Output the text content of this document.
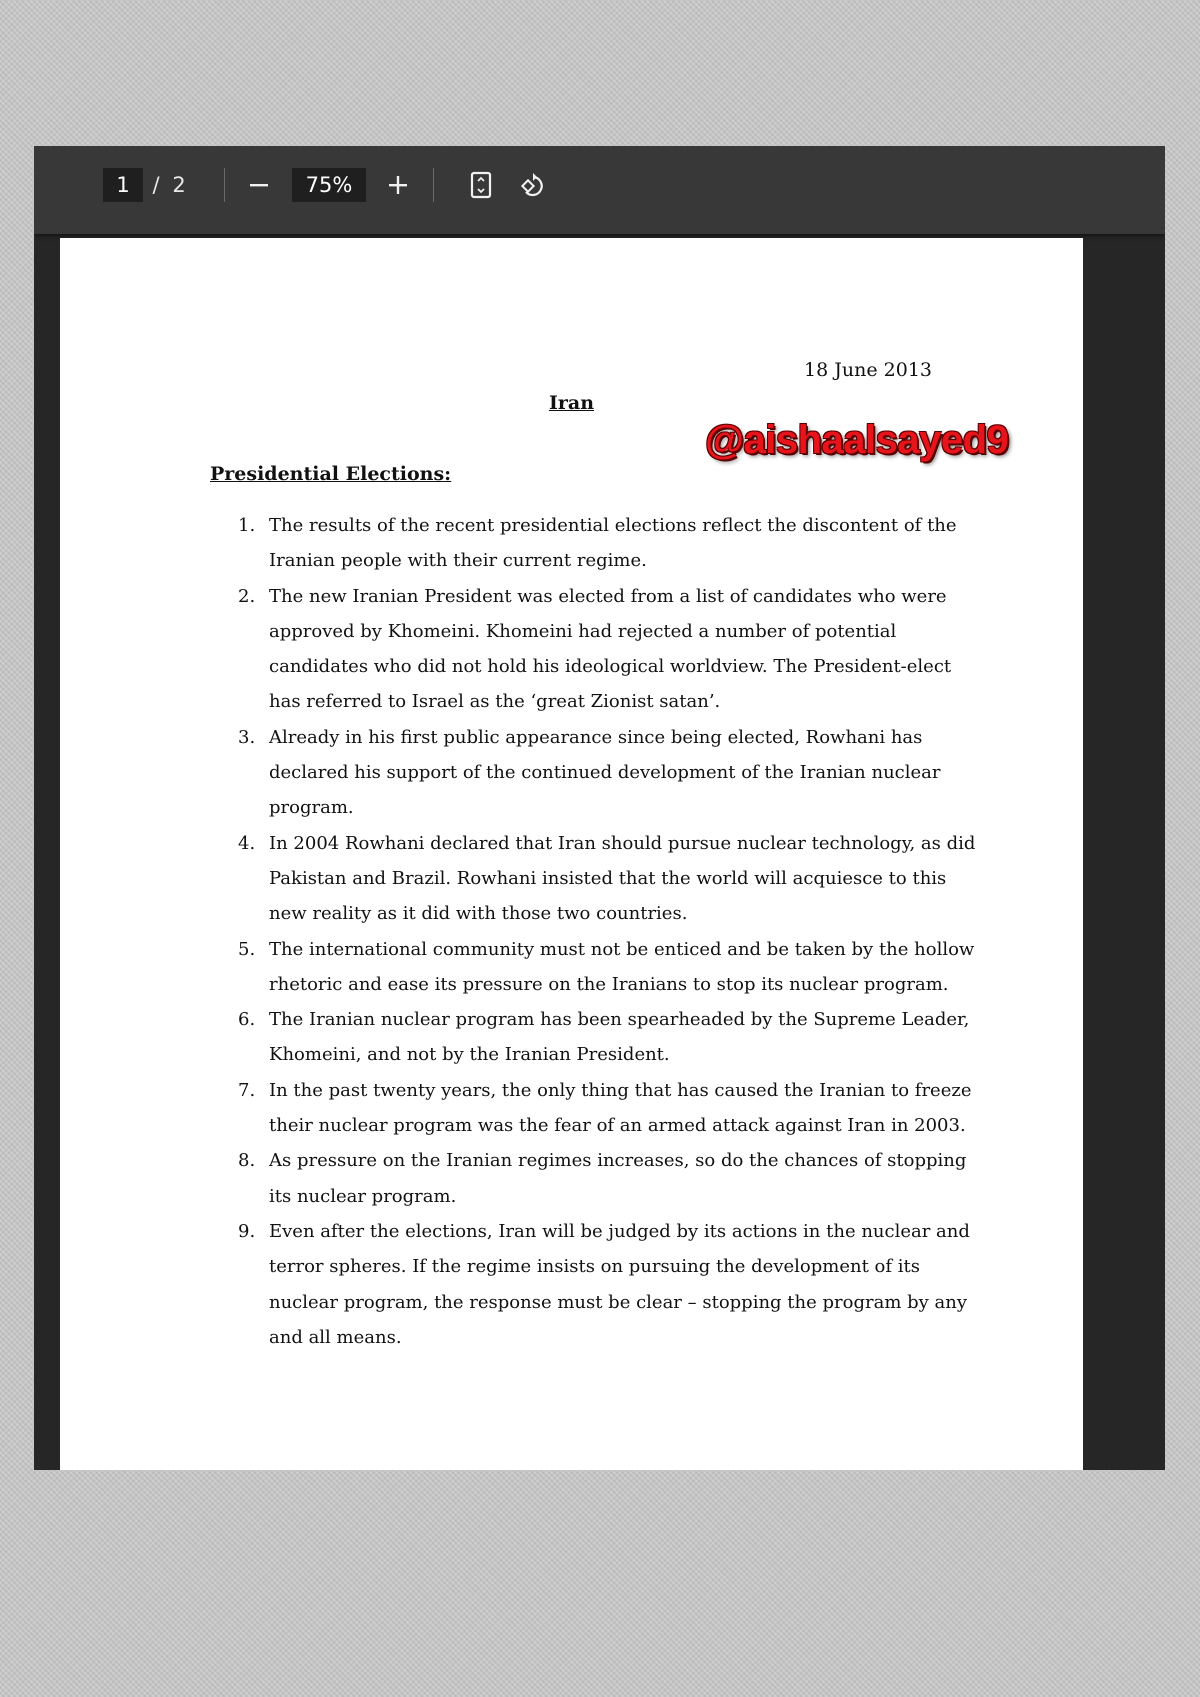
1	/ 2	75%
18 June 2013
Iran
@aishaalsayed9
Presidential Elections:
1. The results of the recent presidential elections reflect the discontent of the
Iranian people with their current regime.
2. The new Iranian President was elected from a list of candidates who were
approved by Khomeini. Khomeini had rejected a number of potential
candidates who did not hold his ideological worldview. The President-elect
has referred to Israel as the ‘great Zionist satan’.
3. Already in his first public appearance since being elected, Rowhani has
declared his support of the continued development of the Iranian nuclear
program.
4. In 2004 Rowhani declared that Iran should pursue nuclear technology, as did
Pakistan and Brazil. Rowhani insisted that the world will acquiesce to this
new reality as it did with those two countries.
5. The international community must not be enticed and be taken by the hollow
rhetoric and ease its pressure on the Iranians to stop its nuclear program.
6. The Iranian nuclear program has been spearheaded by the Supreme Leader,
Khomeini, and not by the Iranian President.
7. In the past twenty years, the only thing that has caused the Iranian to freeze
their nuclear program was the fear of an armed attack against Iran in 2003.
8. As pressure on the Iranian regimes increases, so do the chances of stopping
its nuclear program.
9. Even after the elections, Iran will be judged by its actions in the nuclear and
terror spheres. If the regime insists on pursuing the development of its
nuclear program, the response must be clear – stopping the program by any
and all means.
